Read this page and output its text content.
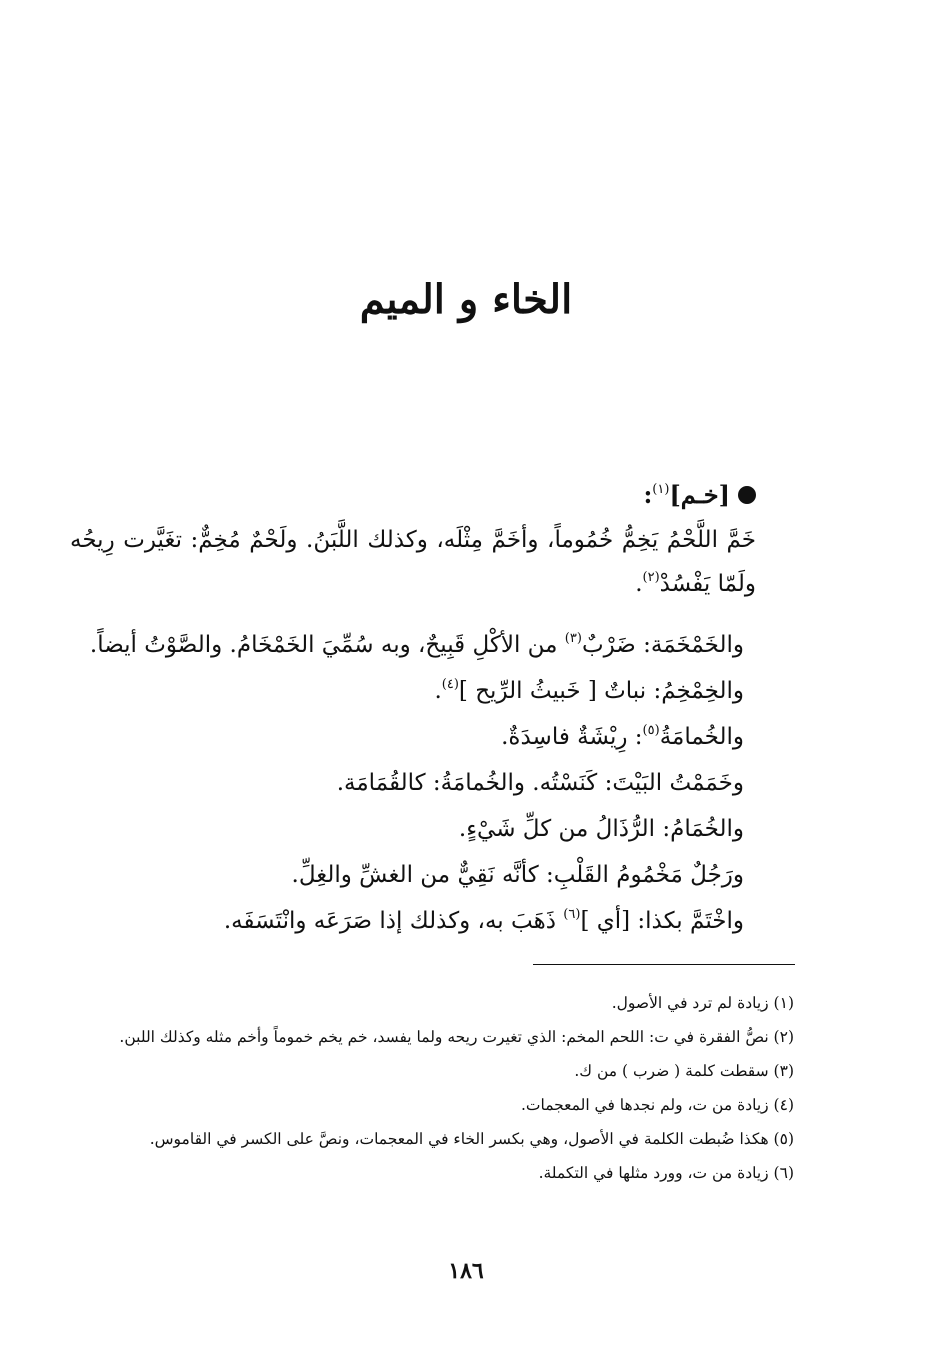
الخاء و الميم
[خـم]$^{(١)}$:
خَمَّ اللَّحْمُ يَخِمُّ خُمُوماً، وأخَمَّ مِثْلَه، وكذلك اللَّبَنُ. ولَحْمٌ مُخِمٌّ: تغَيَّرت رِيحُه ولَمّا يَفْسُدْ$^{(٢)}$.
والخَمْخَمَة: ضَرْبٌ$^{(٣)}$ من الأكْلِ قَبِيحٌ، وبه سُمِّيَ الخَمْخَامُ. والصَّوْتُ أيضاً.
والخِمْخِمُ: نباتٌ [ خَبيثُ الرِّيح ]$^{(٤)}$.
والخُمامَةُ$^{(٥)}$: رِيْشَةٌ فاسِدَةٌ.
وخَمَمْتُ البَيْتَ: كَنَسْتُه. والخُمامَةُ: كالقُمَامَة.
والخُمَامُ: الرُّذَالُ من كلِّ شَيْءٍ.
ورَجُلٌ مَخْمُومُ القَلْبِ: كأنَّه نَقِيٌّ من الغشِّ والغِلِّ.
واخْتَمَّ بكذا: [أي ]$^{(٦)}$ ذَهَبَ به، وكذلك إذا صَرَعَه وانْتَسَفَه.
(١) زيادة لم ترد في الأصول.
(٢) نصُّ الفقرة في ت: اللحم المخم: الذي تغيرت ريحه ولما يفسد، خم يخم خموماً وأخم مثله وكذلك اللبن.
(٣) سقطت كلمة ( ضرب ) من ك.
(٤) زيادة من ت، ولم نجدها في المعجمات.
(٥) هكذا ضُبطت الكلمة في الأصول، وهي بكسر الخاء في المعجمات، ونصَّ على الكسر في القاموس.
(٦) زيادة من ت، وورد مثلها في التكملة.
١٨٦
